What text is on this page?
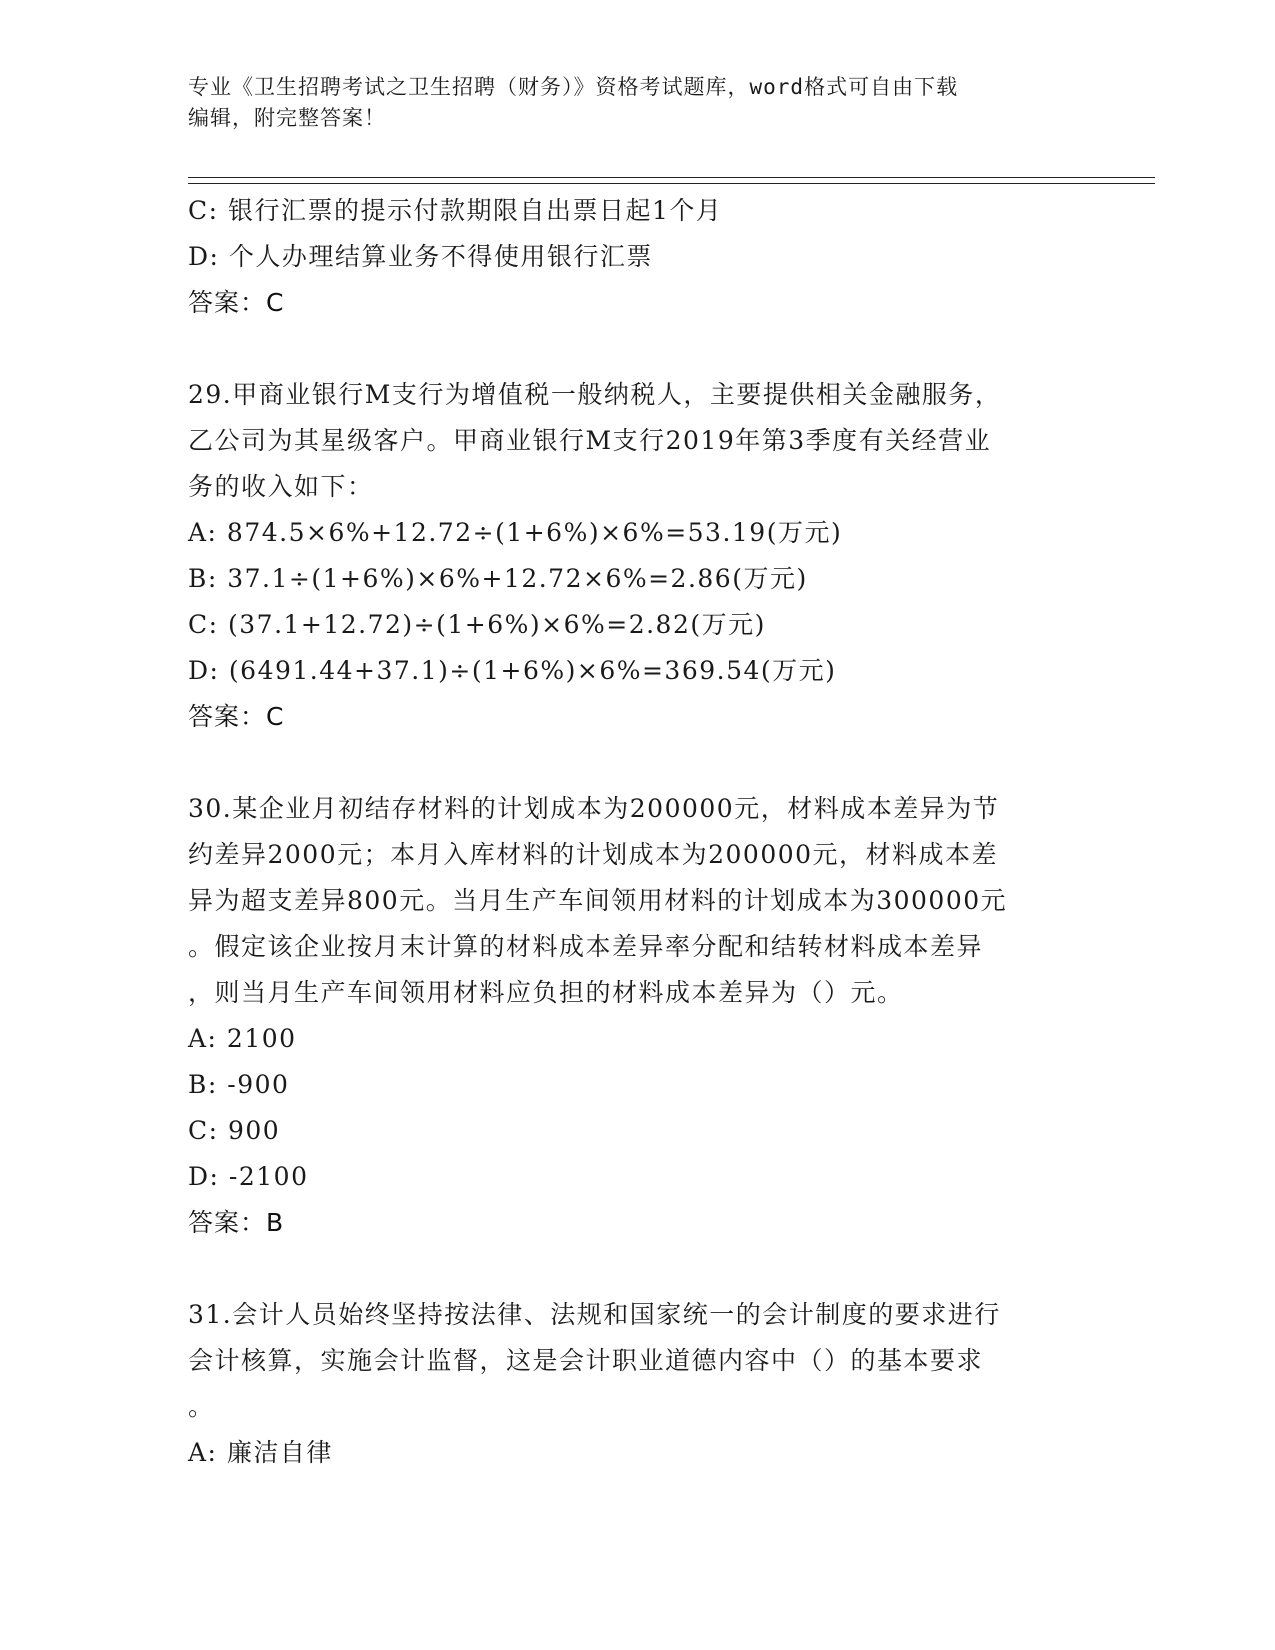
专业《卫生招聘考试之卫生招聘（财务）》资格考试题库，word格式可自由下载
编辑，附完整答案！
C: 银行汇票的提示付款期限自出票日起1个月
D: 个人办理结算业务不得使用银行汇票
答案：C
29.甲商业银行M支行为增值税一般纳税人，主要提供相关金融服务，
乙公司为其星级客户。甲商业银行M支行2019年第3季度有关经营业
务的收入如下：
A: 874.5×6%+12.72÷(1+6%)×6%=53.19(万元)
B: 37.1÷(1+6%)×6%+12.72×6%=2.86(万元)
C: (37.1+12.72)÷(1+6%)×6%=2.82(万元)
D: (6491.44+37.1)÷(1+6%)×6%=369.54(万元)
答案：C
30.某企业月初结存材料的计划成本为200000元，材料成本差异为节
约差异2000元；本月入库材料的计划成本为200000元，材料成本差
异为超支差异800元。当月生产车间领用材料的计划成本为300000元
。假定该企业按月末计算的材料成本差异率分配和结转材料成本差异
，则当月生产车间领用材料应负担的材料成本差异为（）元。
A: 2100
B: -900
C: 900
D: -2100
答案：B
31.会计人员始终坚持按法律、法规和国家统一的会计制度的要求进行
会计核算，实施会计监督，这是会计职业道德内容中（）的基本要求
。
A: 廉洁自律
